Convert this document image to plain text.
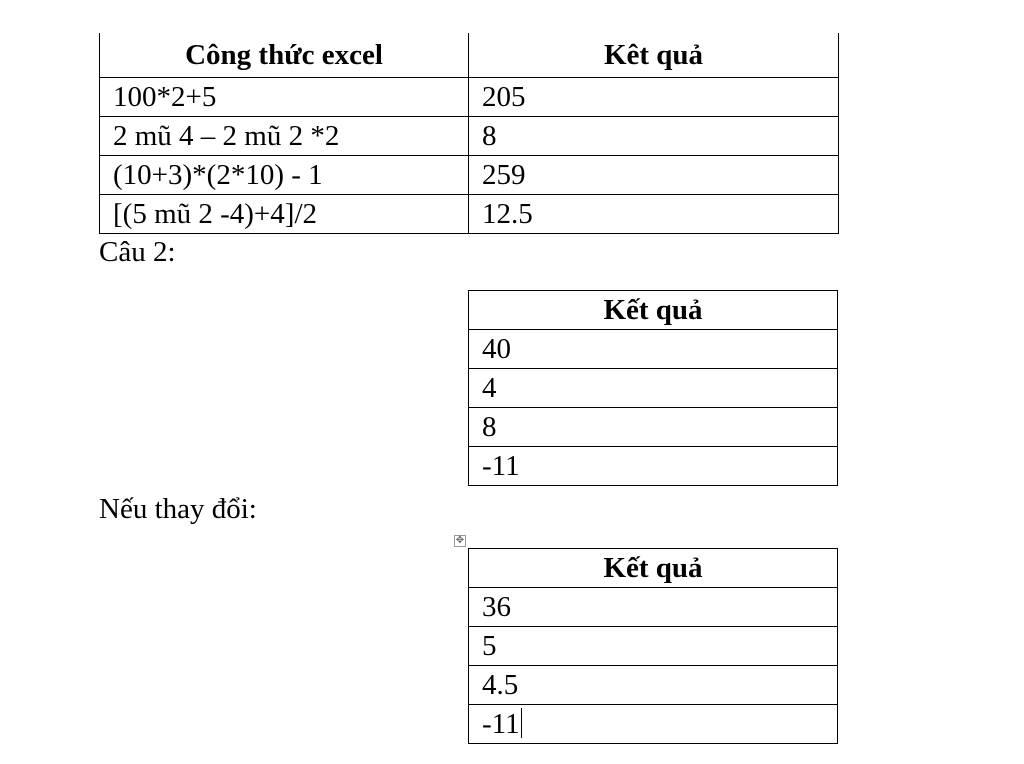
Công thức excel	Kêt quả
100*2+5	205
2 mũ 4 – 2 mũ 2 *2	8
(10+3)*(2*10) - 1	259
[(5 mũ 2 -4)+4]/2	12.5
Câu 2:
Kết quả
40
4
8
-11
Nếu thay đổi:
✥
Kết quả
36
5
4.5
-11
